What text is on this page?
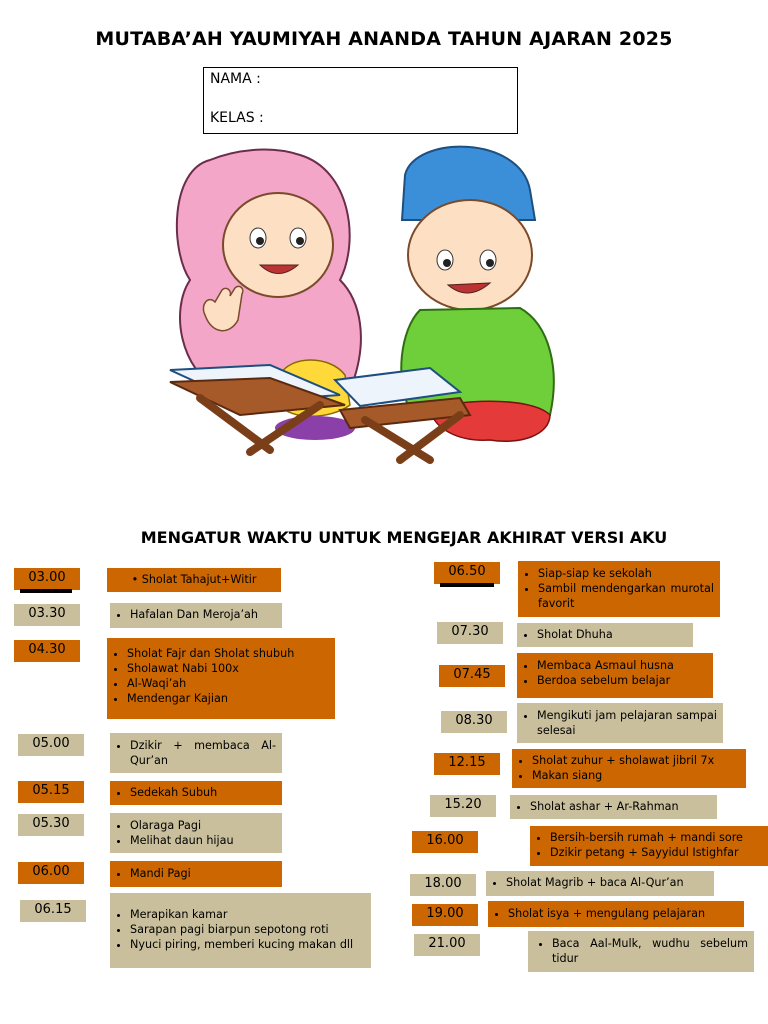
MUTABA’AH YAUMIYAH ANANDA TAHUN AJARAN 2025
NAMA :
KELAS :
MENGATUR WAKTU UNTUK MENGEJAR AKHIRAT VERSI AKU
03.00	• Sholat Tahajut+Witir
03.30	• Hafalan Dan Meroja’ah
04.30	• Sholat Fajr dan Sholat shubuh
• Sholawat Nabi 100x
• Al-Waqi’ah
• Mendengar Kajian
05.00	• Dzikir + membaca Al-Qur’an
05.15	• Sedekah Subuh
05.30	• Olaraga Pagi
• Melihat daun hijau
06.00	• Mandi Pagi
06.15	• Merapikan kamar
• Sarapan pagi biarpun sepotong roti
• Nyuci piring, memberi kucing makan dll
06.50	• Siap-siap ke sekolah
• Sambil mendengarkan murotal favorit
07.30	• Sholat Dhuha
07.45
• Membaca Asmaul husna
• Berdoa sebelum belajar
08.30	• Mengikuti jam pelajaran sampai selesai
12.15	• Sholat zuhur + sholawat jibril 7x
• Makan siang
15.20	• Sholat ashar + Ar-Rahman
16.00	• Bersih-bersih rumah + mandi sore
• Dzikir petang + Sayyidul Istighfar
18.00	• Sholat Magrib + baca Al-Qur’an
19.00	• Sholat isya + mengulang pelajaran
21.00	• Baca Aal-Mulk, wudhu sebelum tidur
